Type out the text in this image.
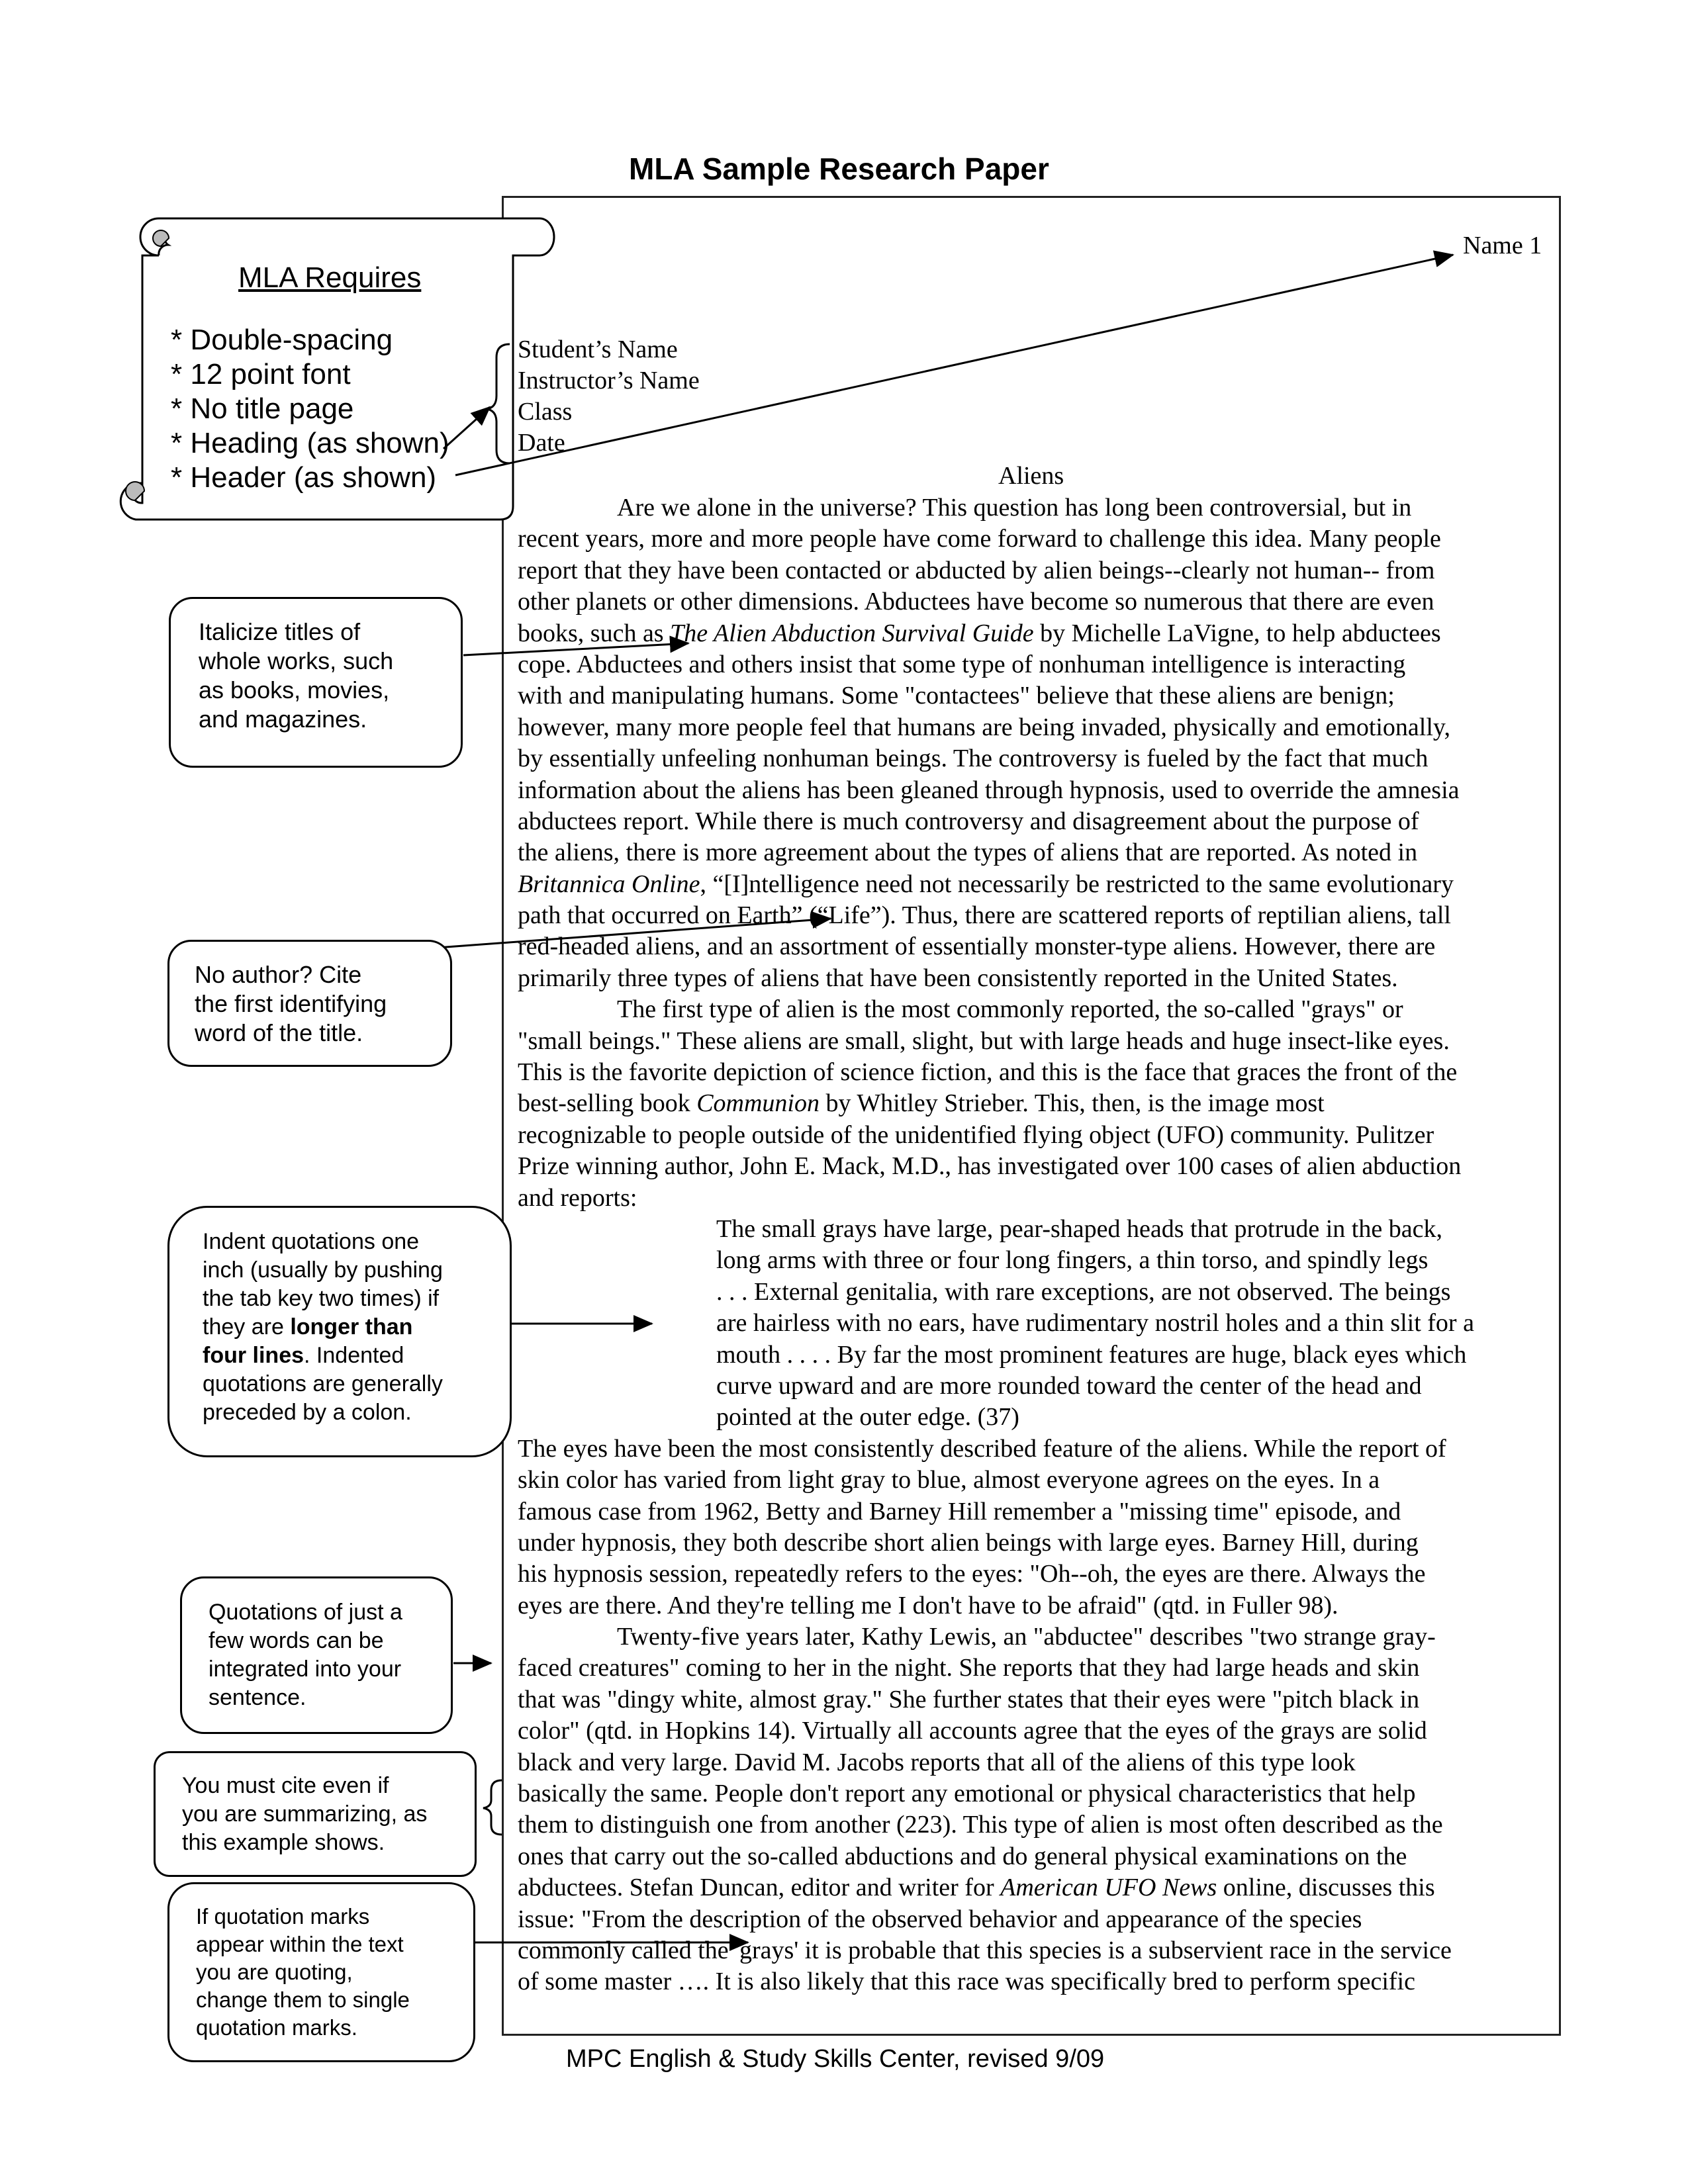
MLA Sample Research Paper
Name 1
Student’s Name
Instructor’s Name
Class
Date
Aliens
Are we alone in the universe? This question has long been controversial, but in
recent years, more and more people have come forward to challenge this idea. Many people
report that they have been contacted or abducted by alien beings--clearly not human-- from
other planets or other dimensions. Abductees have become so numerous that there are even
books, such as The Alien Abduction Survival Guide by Michelle LaVigne, to help abductees
cope. Abductees and others insist that some type of nonhuman intelligence is interacting
with and manipulating humans. Some "contactees" believe that these aliens are benign;
however, many more people feel that humans are being invaded, physically and emotionally,
by essentially unfeeling nonhuman beings. The controversy is fueled by the fact that much
information about the aliens has been gleaned through hypnosis, used to override the amnesia
abductees report. While there is much controversy and disagreement about the purpose of
the aliens, there is more agreement about the types of aliens that are reported. As noted in
Britannica Online, “[I]ntelligence need not necessarily be restricted to the same evolutionary
path that occurred on Earth” (“Life”). Thus, there are scattered reports of reptilian aliens, tall
red-headed aliens, and an assortment of essentially monster-type aliens. However, there are
primarily three types of aliens that have been consistently reported in the United States.
The first type of alien is the most commonly reported, the so-called "grays" or
"small beings." These aliens are small, slight, but with large heads and huge insect-like eyes.
This is the favorite depiction of science fiction, and this is the face that graces the front of the
best-selling book Communion by Whitley Strieber. This, then, is the image most
recognizable to people outside of the unidentified flying object (UFO) community. Pulitzer
Prize winning author, John E. Mack, M.D., has investigated over 100 cases of alien abduction
and reports:
The small grays have large, pear-shaped heads that protrude in the back,
long arms with three or four long fingers, a thin torso, and spindly legs
. . . External genitalia, with rare exceptions, are not observed. The beings
are hairless with no ears, have rudimentary nostril holes and a thin slit for a
mouth . . . . By far the most prominent features are huge, black eyes which
curve upward and are more rounded toward the center of the head and
pointed at the outer edge. (37)
The eyes have been the most consistently described feature of the aliens. While the report of
skin color has varied from light gray to blue, almost everyone agrees on the eyes. In a
famous case from 1962, Betty and Barney Hill remember a "missing time" episode, and
under hypnosis, they both describe short alien beings with large eyes. Barney Hill, during
his hypnosis session, repeatedly refers to the eyes: "Oh--oh, the eyes are there. Always the
eyes are there. And they're telling me I don't have to be afraid" (qtd. in Fuller 98).
Twenty-five years later, Kathy Lewis, an "abductee" describes "two strange gray-
faced creatures" coming to her in the night. She reports that they had large heads and skin
that was "dingy white, almost gray." She further states that their eyes were "pitch black in
color" (qtd. in Hopkins 14). Virtually all accounts agree that the eyes of the grays are solid
black and very large. David M. Jacobs reports that all of the aliens of this type look
basically the same. People don't report any emotional or physical characteristics that help
them to distinguish one from another (223). This type of alien is most often described as the
ones that carry out the so-called abductions and do general physical examinations on the
abductees. Stefan Duncan, editor and writer for American UFO News online, discusses this
issue: "From the description of the observed behavior and appearance of the species
commonly called the 'grays' it is probable that this species is a subservient race in the service
of some master …. It is also likely that this race was specifically bred to perform specific
MLA Requires
* Double-spacing
* 12 point font
* No title page
* Heading (as shown)
* Header (as shown)
Italicize titles of
whole works, such
as books, movies,
and magazines.
No author? Cite
the first identifying
word of the title.
Indent quotations one
inch (usually by pushing
the tab key two times) if
they are longer than
four lines. Indented
quotations are generally
preceded by a colon.
Quotations of just a
few words can be
integrated into your
sentence.
You must cite even if
you are summarizing, as
this example shows.
If quotation marks
appear within the text
you are quoting,
change them to single
quotation marks.
MPC English & Study Skills Center, revised 9/09
